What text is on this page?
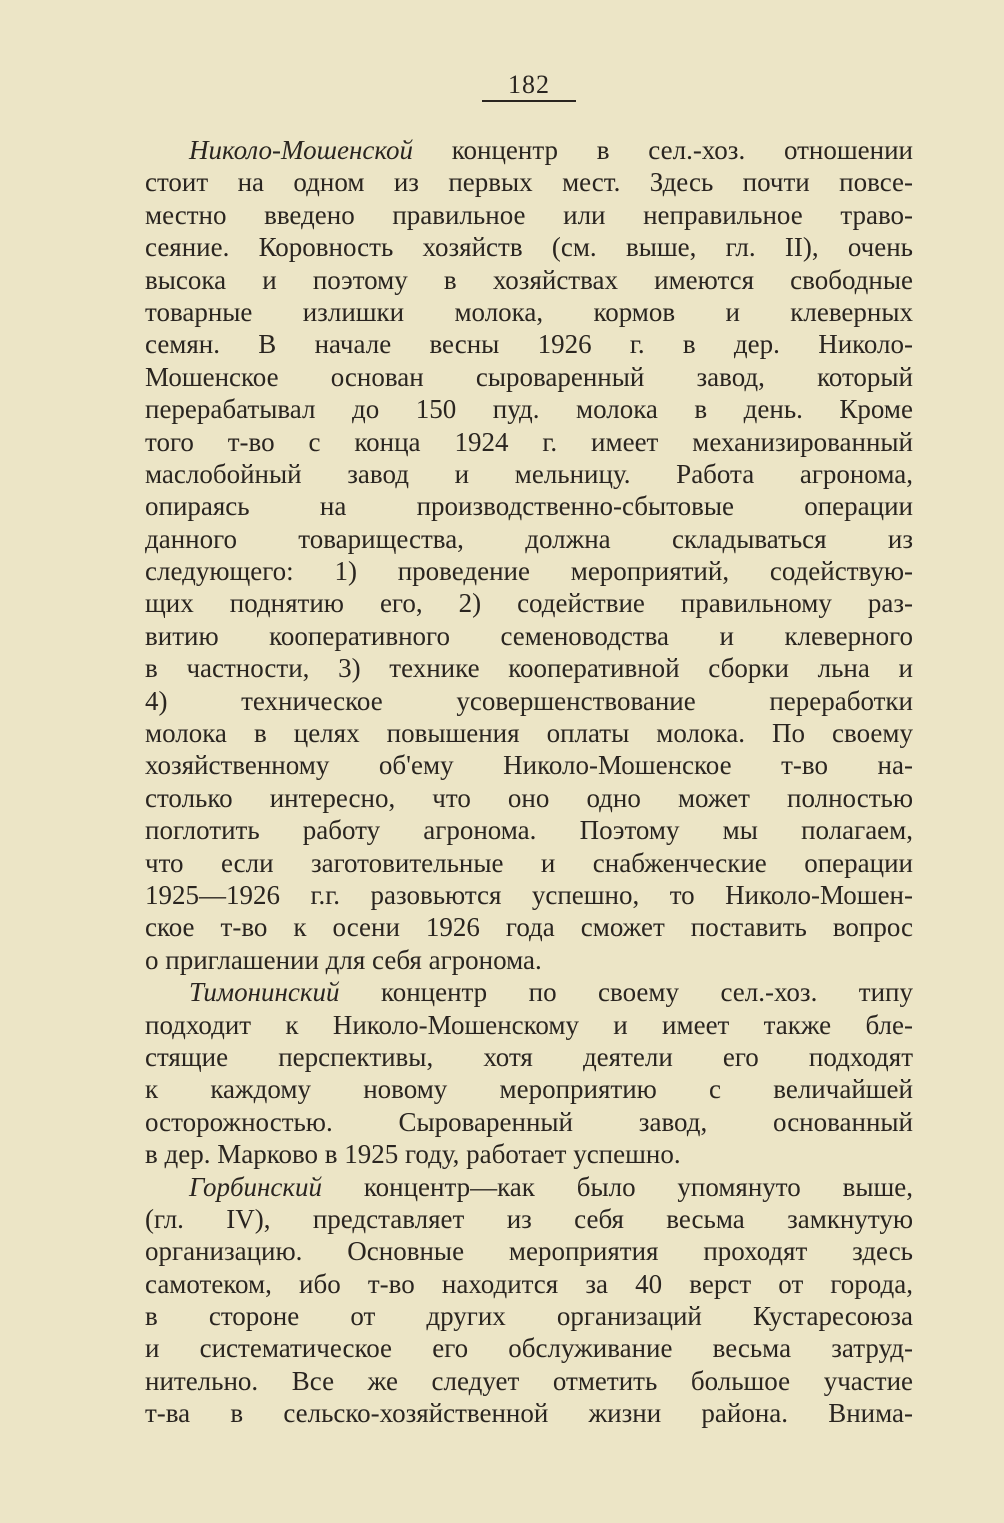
182
Николо-Мошенской концентр в сел.-хоз. отношении
стоит на одном из первых мест. Здесь почти повсе-
местно введено правильное или неправильное траво-
сеяние. Коровность хозяйств (см. выше, гл. II), очень
высока и поэтому в хозяйствах имеются свободные
товарные излишки молока, кормов и клеверных
семян. В начале весны 1926 г. в дер. Николо-
Мошенское основан сыроваренный завод, который
перерабатывал до 150 пуд. молока в день. Кроме
того т-во с конца 1924 г. имеет механизированный
маслобойный завод и мельницу. Работа агронома,
опираясь на производственно-сбытовые операции
данного товарищества, должна складываться из
следующего: 1) проведение мероприятий, содействую-
щих поднятию его, 2) содействие правильному раз-
витию кооперативного семеноводства и клеверного
в частности, 3) технике кооперативной сборки льна и
4) техническое усовершенствование переработки
молока в целях повышения оплаты молока. По своему
хозяйственному об'ему Николо-Мошенское т-во на-
столько интересно, что оно одно может полностью
поглотить работу агронома. Поэтому мы полагаем,
что если заготовительные и снабженческие операции
1925—1926 г.г. разовьются успешно, то Николо-Мошен-
ское т-во к осени 1926 года сможет поставить вопрос
о приглашении для себя агронома.
Тимонинский концентр по своему сел.-хоз. типу
подходит к Николо-Мошенскому и имеет также бле-
стящие перспективы, хотя деятели его подходят
к каждому новому мероприятию с величайшей
осторожностью. Сыроваренный завод, основанный
в дер. Марково в 1925 году, работает успешно.
Горбинский концентр—как было упомянуто выше,
(гл. IV), представляет из себя весьма замкнутую
организацию. Основные мероприятия проходят здесь
самотеком, ибо т-во находится за 40 верст от города,
в стороне от других организаций Кустаресоюза
и систематическое его обслуживание весьма затруд-
нительно. Все же следует отметить большое участие
т-ва в сельско-хозяйственной жизни района. Внима-
